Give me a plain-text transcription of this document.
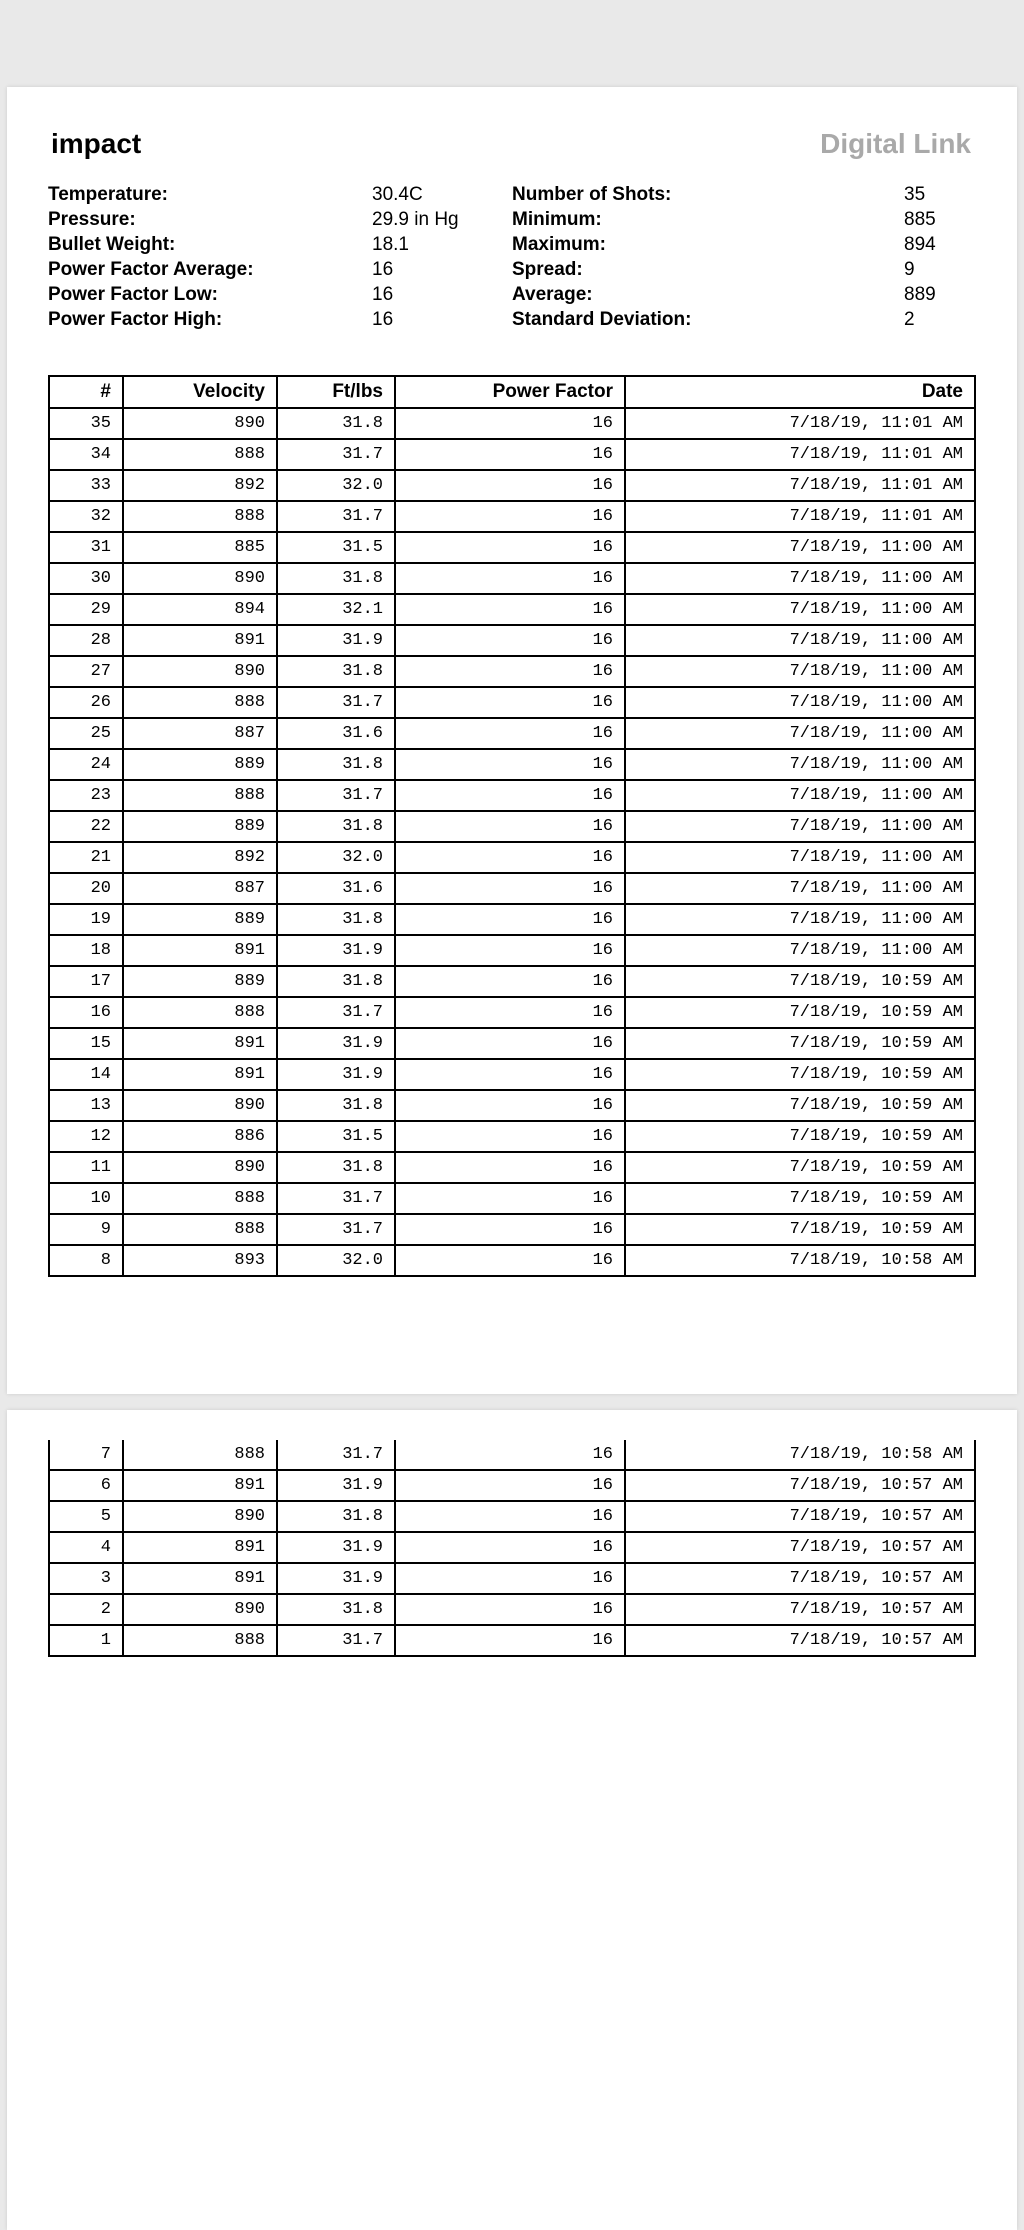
impact	Digital Link
Temperature:	30.4C
Pressure:	29.9 in Hg
Bullet Weight:	18.1
Power Factor Average:	16
Power Factor Low:	16
Power Factor High:	16
Number of Shots:	35
Minimum:	885
Maximum:	894
Spread:	9
Average:	889
Standard Deviation:	2
#	Velocity	Ft/lbs	Power Factor	Date
35	890	31.8	16	7/18/19, 11:01 AM
34	888	31.7	16	7/18/19, 11:01 AM
33	892	32.0	16	7/18/19, 11:01 AM
32	888	31.7	16	7/18/19, 11:01 AM
31	885	31.5	16	7/18/19, 11:00 AM
30	890	31.8	16	7/18/19, 11:00 AM
29	894	32.1	16	7/18/19, 11:00 AM
28	891	31.9	16	7/18/19, 11:00 AM
27	890	31.8	16	7/18/19, 11:00 AM
26	888	31.7	16	7/18/19, 11:00 AM
25	887	31.6	16	7/18/19, 11:00 AM
24	889	31.8	16	7/18/19, 11:00 AM
23	888	31.7	16	7/18/19, 11:00 AM
22	889	31.8	16	7/18/19, 11:00 AM
21	892	32.0	16	7/18/19, 11:00 AM
20	887	31.6	16	7/18/19, 11:00 AM
19	889	31.8	16	7/18/19, 11:00 AM
18	891	31.9	16	7/18/19, 11:00 AM
17	889	31.8	16	7/18/19, 10:59 AM
16	888	31.7	16	7/18/19, 10:59 AM
15	891	31.9	16	7/18/19, 10:59 AM
14	891	31.9	16	7/18/19, 10:59 AM
13	890	31.8	16	7/18/19, 10:59 AM
12	886	31.5	16	7/18/19, 10:59 AM
11	890	31.8	16	7/18/19, 10:59 AM
10	888	31.7	16	7/18/19, 10:59 AM
9	888	31.7	16	7/18/19, 10:59 AM
8	893	32.0	16	7/18/19, 10:58 AM
7	888	31.7	16	7/18/19, 10:58 AM
6	891	31.9	16	7/18/19, 10:57 AM
5	890	31.8	16	7/18/19, 10:57 AM
4	891	31.9	16	7/18/19, 10:57 AM
3	891	31.9	16	7/18/19, 10:57 AM
2	890	31.8	16	7/18/19, 10:57 AM
1	888	31.7	16	7/18/19, 10:57 AM
